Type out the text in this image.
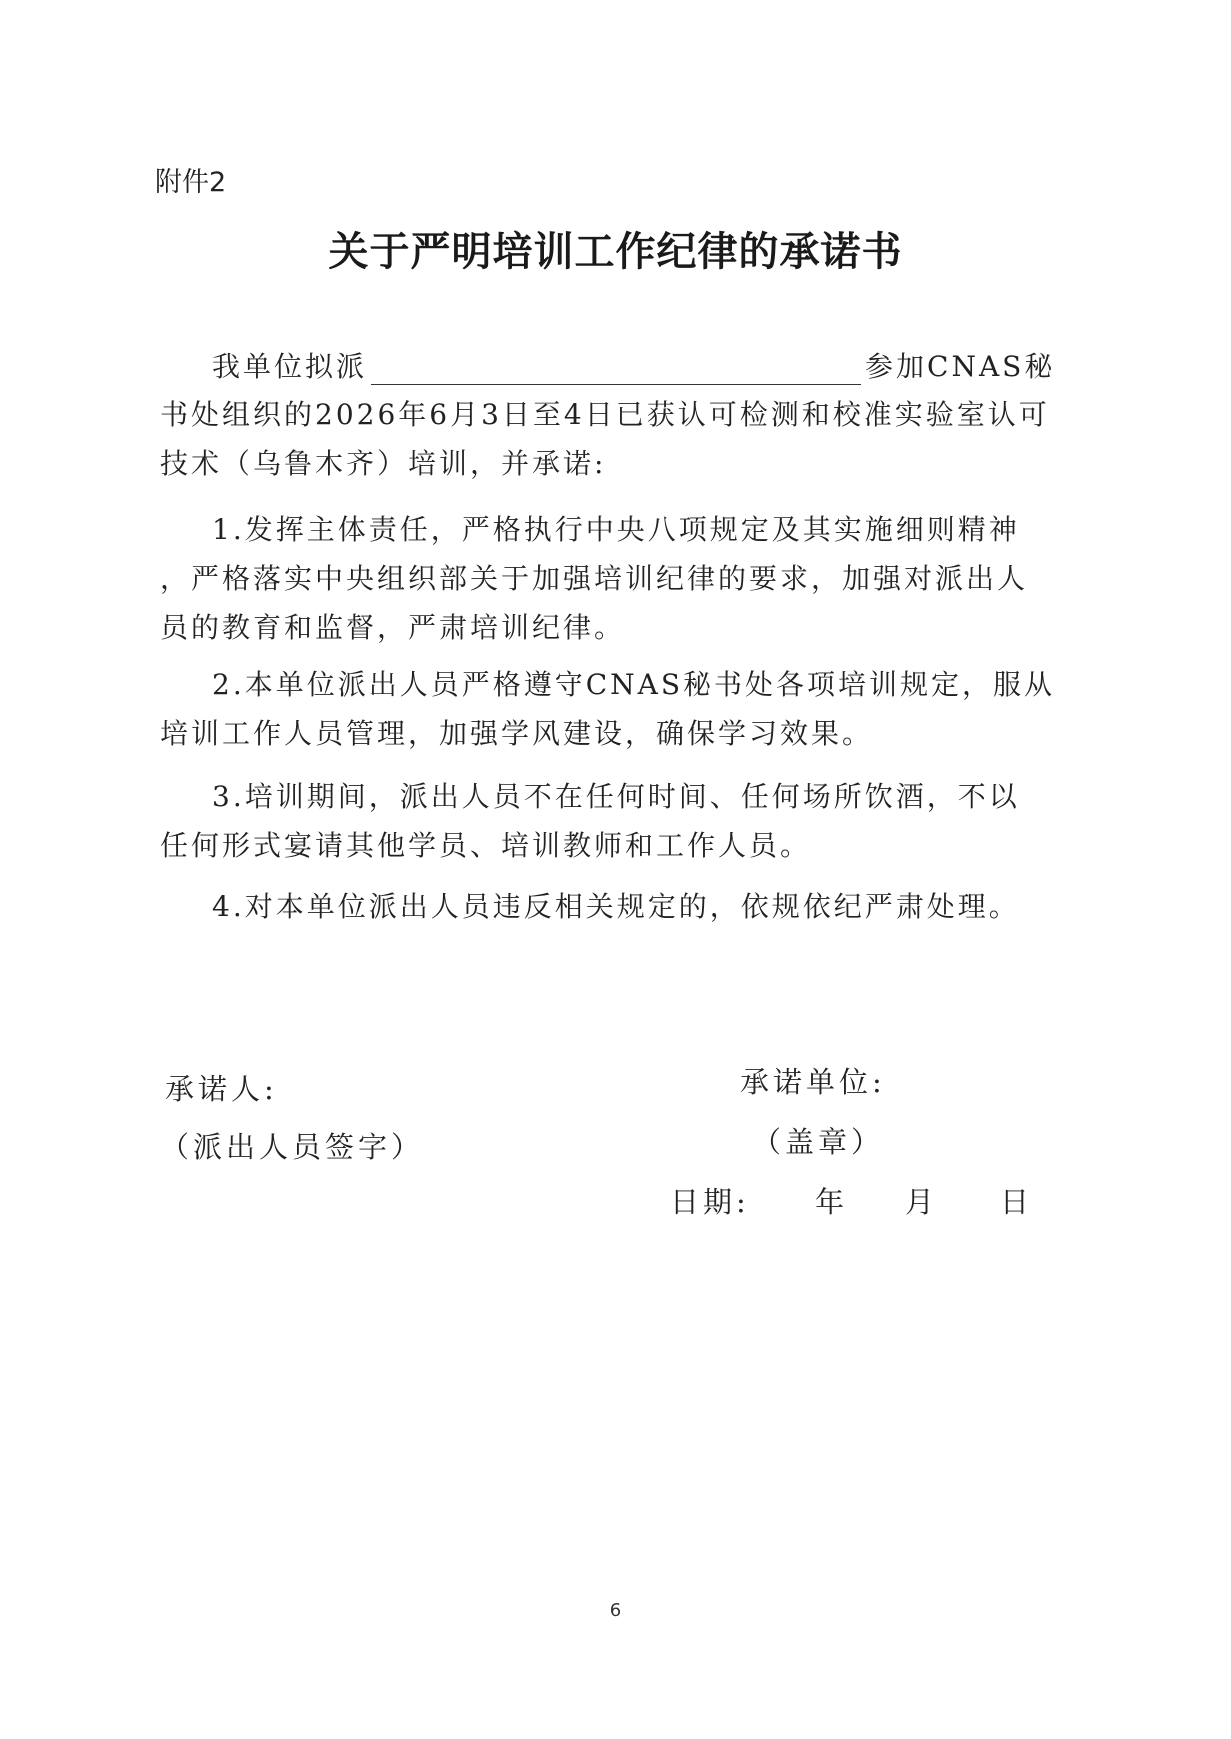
附件2
关于严明培训工作纪律的承诺书
我单位拟派	参加CNAS秘
书处组织的2026年6月3日至4日已获认可检测和校准实验室认可
技术（乌鲁木齐）培训，并承诺:
1.发挥主体责任，严格执行中央八项规定及其实施细则精神
，严格落实中央组织部关于加强培训纪律的要求，加强对派出人
员的教育和监督，严肃培训纪律。
2.本单位派出人员严格遵守CNAS秘书处各项培训规定，服从
培训工作人员管理，加强学风建设，确保学习效果。
3.培训期间，派出人员不在任何时间、任何场所饮酒，不以
任何形式宴请其他学员、培训教师和工作人员。
4.对本单位派出人员违反相关规定的，依规依纪严肃处理。
承诺人:
（派出人员签字）
承诺单位:
（盖章）
日期: 年 月 日
6
